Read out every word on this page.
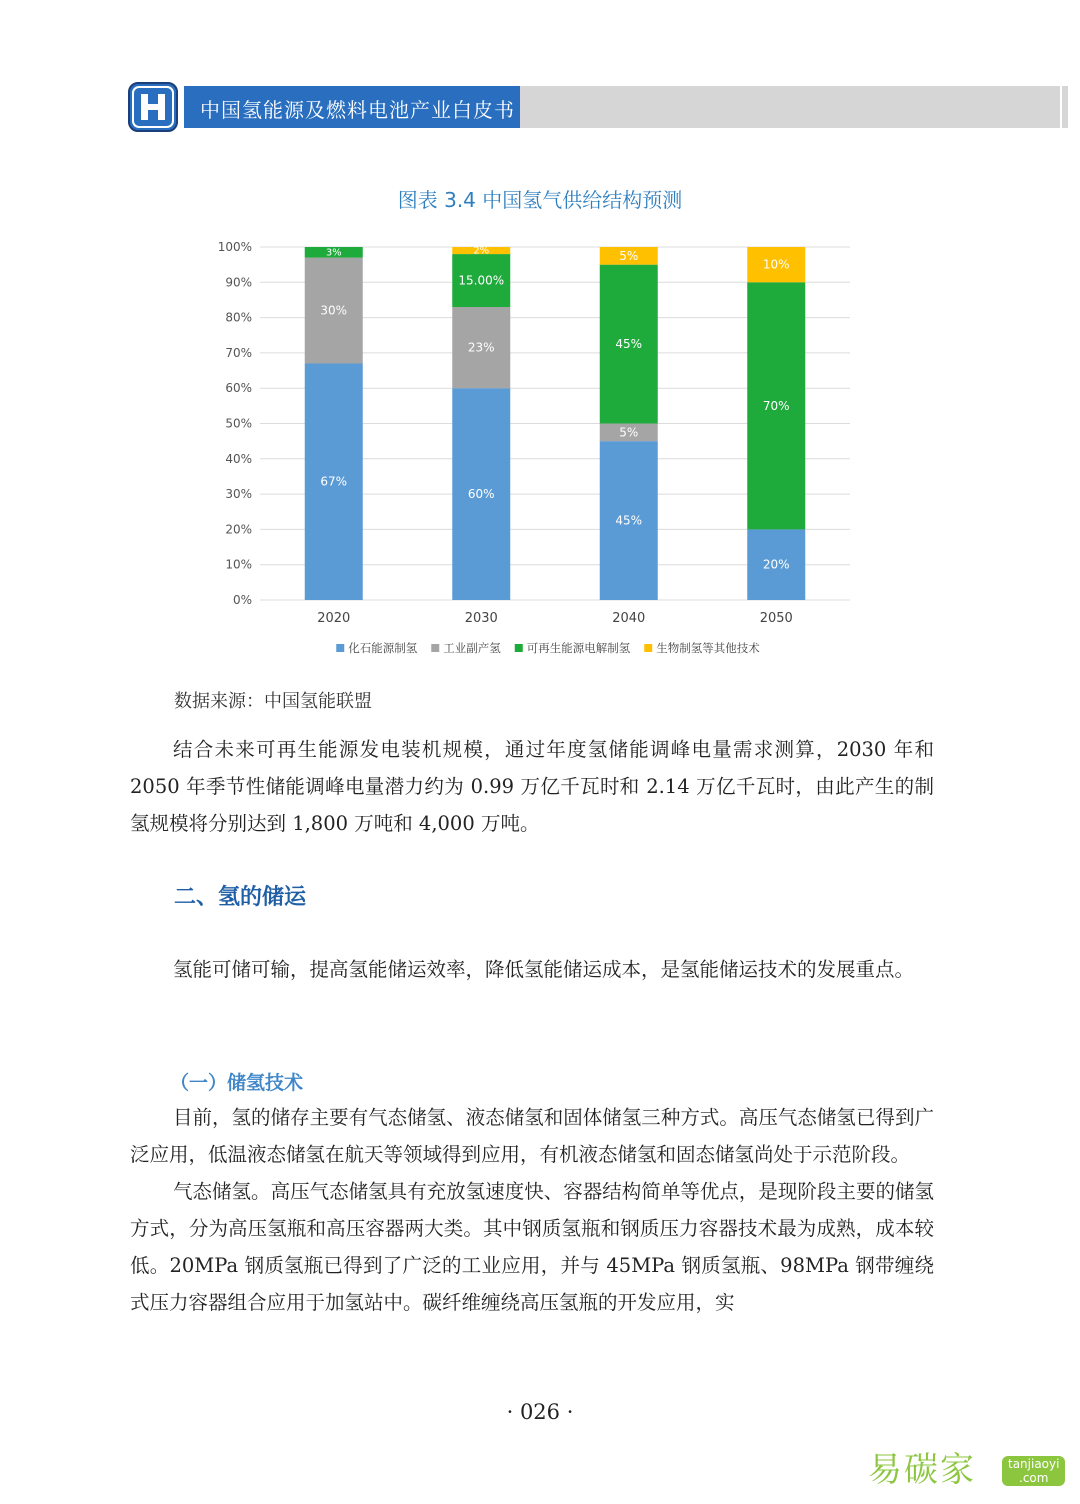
中国氢能源及燃料电池产业白皮书
图表 3.4 中国氢气供给结构预测
0%
10%
20%
30%
40%
50%
60%
70%
80%
90%
100%
67%
30%
3%
2020
60%
23%
15.00%
2%
2030
45%
5%
45%
5%
2040
20%
70%
10%
2050
化石能源制氢 工业副产氢 可再生能源电解制氢 生物制氢等其他技术
数据来源：中国氢能联盟

结合未来可再生能源发电装机规模，通过年度氢储能调峰电量需求测算，2030 年和 2050 年季节性储能调峰电量潜力约为 0.99 万亿千瓦时和 2.14 万亿千瓦时，由此产生的制氢规模将分别达到 1,800 万吨和 4,000 万吨。

二、氢的储运

氢能可储可输，提高氢能储运效率，降低氢能储运成本，是氢能储运技术的发展重点。

（一）储氢技术

目前，氢的储存主要有气态储氢、液态储氢和固体储氢三种方式。高压气态储氢已得到广泛应用，低温液态储氢在航天等领域得到应用，有机液态储氢和固态储氢尚处于示范阶段。

气态储氢。高压气态储氢具有充放氢速度快、容器结构简单等优点，是现阶段主要的储氢方式，分为高压氢瓶和高压容器两大类。其中钢质氢瓶和钢质压力容器技术最为成熟，成本较低。20MPa 钢质氢瓶已得到了广泛的工业应用，并与 45MPa 钢质氢瓶、98MPa 钢带缠绕式压力容器组合应用于加氢站中。碳纤维缠绕高压氢瓶的开发应用，实

· 026 ·
易碳家	tanjiaoyi
.com
